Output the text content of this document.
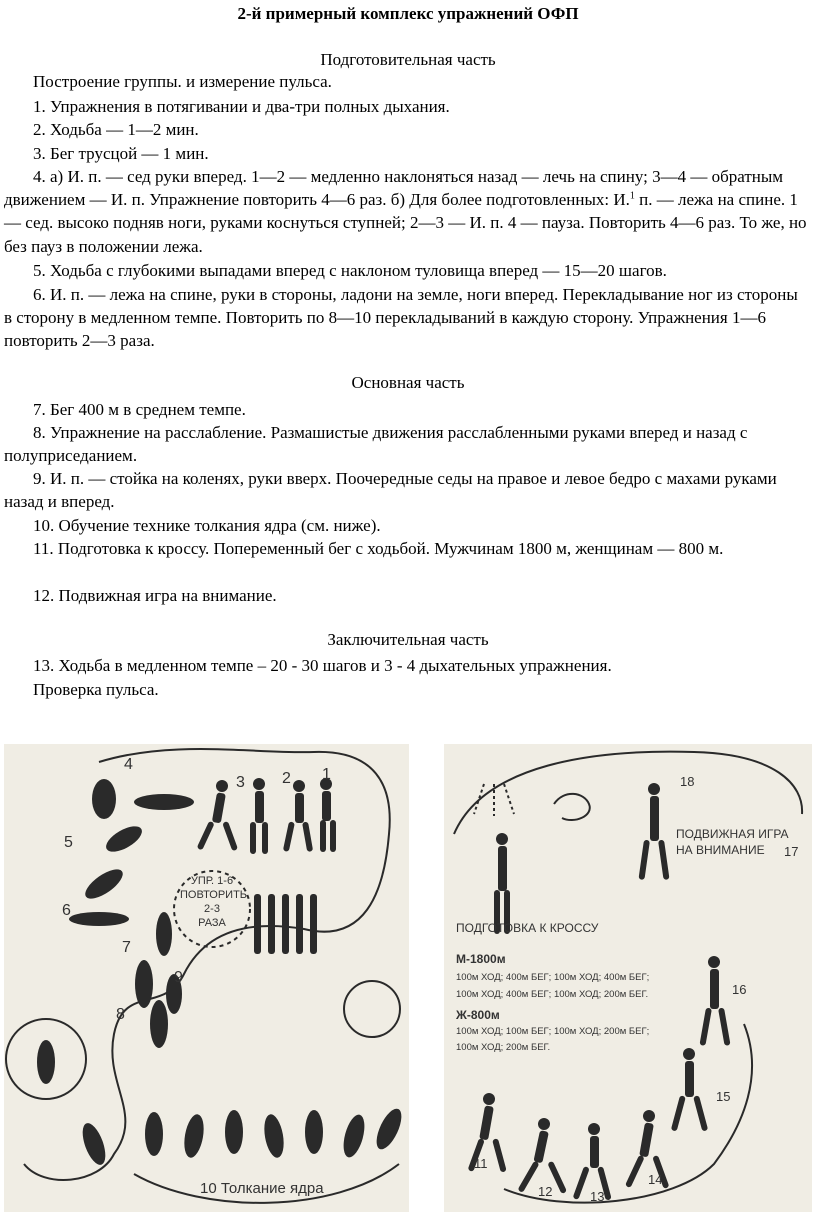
2-й примерный комплекс упражнений ОФП
Подготовительная часть
Построение группы. и измерение пульса.
1. Упражнения в потягивании и два-три полных дыхания.
2. Ходьба — 1—2 мин.
3. Бег трусцой — 1 мин.
4. а) И. п. — сед руки вперед. 1—2 — медленно наклоняться назад — лечь на спину; 3—4 — обратным движением — И. п. Упражнение повторить 4—6 раз. б) Для более подготовленных: И.$^1$ п. — лежа на спине. 1 — сед. высоко подняв ноги, руками коснуться ступней; 2—3 — И. п. 4 — пауза. Повторить 4—6 раз. То же, но без пауз в положении лежа.
5. Ходьба с глубокими выпадами вперед с наклоном туловища вперед — 15—20 шагов.
6. И. п. — лежа на спине, руки в стороны, ладони на земле, ноги вперед. Перекладывание ног из стороны в сторону в медленном темпе. Повторить по 8—10 перекладываний в каждую сторону. Упражнения 1—6 повторить 2—3 раза.
Основная часть
7. Бег 400 м в среднем темпе.
8. Упражнение на расслабление. Размашистые движения расслабленными руками вперед и назад с полуприседанием.
9. И. п. — стойка на коленях, руки вверх. Поочередные седы на правое и левое бедро с махами руками назад и вперед.
10. Обучение технике толкания ядра (см. ниже).
11. Подготовка к кроссу. Попеременный бег с ходьбой. Мужчинам 1800 м, женщинам — 800 м.
12. Подвижная игра на внимание.
Заключительная часть
13. Ходьба в медленном темпе – 20 - 30 шагов и 3 - 4 дыхательных упражнения.
Проверка пульса.
4
3 2 1
5
6
7
8
9
УПР. 1-6
ПОВТОРИТЬ
2-3
РАЗА
10 Толкание ядра
18
ПОДВИЖНАЯ ИГРА
НА ВНИМАНИЕ	17
ПОДГОТОВКА К КРОССУ
М-1800м
100м ХОД; 400м БЕГ; 100м ХОД; 400м БЕГ;
100м ХОД; 400м БЕГ; 100м ХОД; 200м БЕГ.
Ж-800м
100м ХОД; 100м БЕГ; 100м ХОД; 200м БЕГ;
100м ХОД; 200м БЕГ.
16
15
14
13
12
11
